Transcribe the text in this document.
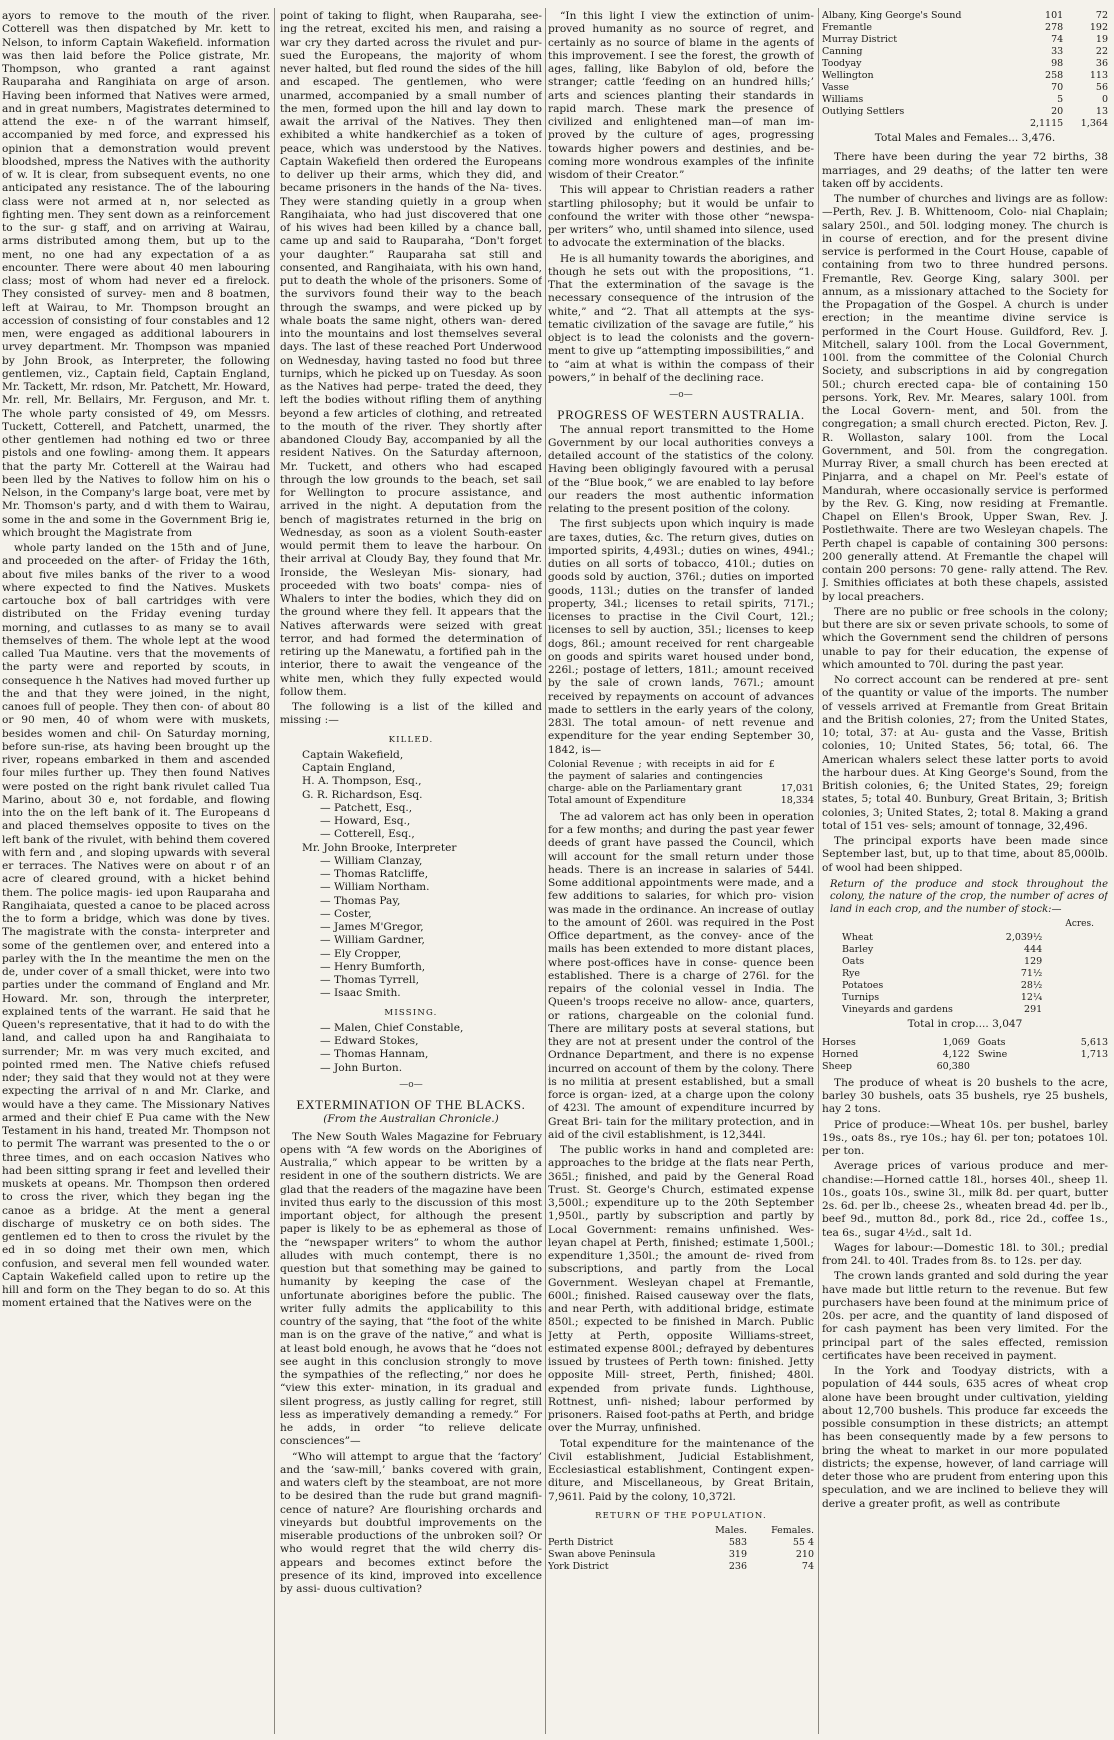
ayors to remove to the mouth of the river. Cotterell was then dispatched by Mr. kett to Nelson, to inform Captain Wakefield. information was then laid before the Police gistrate, Mr. Thompson, who granted a rant against Rauparaha and Rangihiata on arge of arson. Having been informed that Natives were armed, and in great numbers, Magistrates determined to attend the exe- n of the warrant himself, accompanied by med force, and expressed his opinion that a demonstration would prevent bloodshed, mpress the Natives with the authority of w. It is clear, from subsequent events, no one anticipated any resistance. The of the labouring class were not armed at n, nor selected as fighting men. They sent down as a reinforcement to the sur- g staff, and on arriving at Wairau, arms distributed among them, but up to the ment, no one had any expectation of a as encounter. There were about 40 men labouring class; most of whom had never ed a firelock. They consisted of survey- men and 8 boatmen, left at Wairau, to Mr. Thompson brought an accession of consisting of four constables and 12 men, were engaged as additional labourers in urvey department. Mr. Thompson was mpanied by John Brook, as Interpreter, the following gentlemen, viz., Captain field, Captain England, Mr. Tackett, Mr. rdson, Mr. Patchett, Mr. Howard, Mr. rell, Mr. Bellairs, Mr. Ferguson, and Mr. t. The whole party consisted of 49, om Messrs. Tuckett, Cotterell, and Patchett, unarmed, the other gentlemen had nothing ed two or three pistols and one fowling- among them. It appears that the party Mr. Cotterell at the Wairau had been lled by the Natives to follow him on his o Nelson, in the Company's large boat, vere met by Mr. Thomson's party, and d with them to Wairau, some in the and some in the Government Brig ie, which brought the Magistrate from

whole party landed on the 15th and of June, and proceeded on the after- of Friday the 16th, about five miles banks of the river to a wood where expected to find the Natives. Muskets cartouche box of ball cartridges with vere distributed on the Friday evening turday morning, and cutlasses to as many se to avail themselves of them. The whole lept at the wood called Tua Mautine. vers that the movements of the party were and reported by scouts, in consequence h the Natives had moved further up the and that they were joined, in the night, canoes full of people. They then con- of about 80 or 90 men, 40 of whom were with muskets, besides women and chil- On Saturday morning, before sun-rise, ats having been brought up the river, ropeans embarked in them and ascended four miles further up. They then found Natives were posted on the right bank rivulet called Tua Marino, about 30 e, not fordable, and flowing into the on the left bank of it. The Europeans d and placed themselves opposite to tives on the left bank of the rivulet, with behind them covered with fern and , and sloping upwards with several er terraces. The Natives were on about r of an acre of cleared ground, with a hicket behind them. The police magis- ied upon Rauparaha and Rangihaiata, quested a canoe to be placed across the to form a bridge, which was done by tives. The magistrate with the consta- interpreter and some of the gentlemen over, and entered into a parley with the In the meantime the men on the de, under cover of a small thicket, were into two parties under the command of England and Mr. Howard. Mr. son, through the interpreter, explained tents of the warrant. He said that he Queen's representative, that it had to do with the land, and called upon ha and Rangihaiata to surrender; Mr. m was very much excited, and pointed rmed men. The Native chiefs refused nder; they said that they would not at they were expecting the arrival of n and Mr. Clarke, and would have a they came. The Missionary Natives armed and their chief E Pua came with the New Testament in his hand, treated Mr. Thompson not to permit The warrant was presented to the o or three times, and on each occasion Natives who had been sitting sprang ir feet and levelled their muskets at opeans. Mr. Thompson then ordered to cross the river, which they began ing the canoe as a bridge. At the ment a general discharge of musketry ce on both sides. The gentlemen ed to then to cross the rivulet by the ed in so doing met their own men, which confusion, and several men fell wounded water. Captain Wakefield called upon to retire up the hill and form on the They began to do so. At this moment ertained that the Natives were on the

point of taking to flight, when Rauparaha, see- ing the retreat, excited his men, and raising a war cry they darted across the rivulet and pur- sued the Europeans, the majority of whom never halted, but fled round the sides of the hill and escaped. The gentlemen, who were unarmed, accompanied by a small number of the men, formed upon the hill and lay down to await the arrival of the Natives. They then exhibited a white handkerchief as a token of peace, which was understood by the Natives. Captain Wakefield then ordered the Europeans to deliver up their arms, which they did, and became prisoners in the hands of the Na- tives. They were standing quietly in a group when Rangihaiata, who had just discovered that one of his wives had been killed by a chance ball, came up and said to Rauparaha, “Don't forget your daughter.” Rauparaha sat still and consented, and Rangihaiata, with his own hand, put to death the whole of the prisoners. Some of the survivors found their way to the beach through the swamps, and were picked up by whale boats the same night, others wan- dered into the mountains and lost themselves several days. The last of these reached Port Underwood on Wednesday, having tasted no food but three turnips, which he picked up on Tuesday. As soon as the Natives had perpe- trated the deed, they left the bodies without rifling them of anything beyond a few articles of clothing, and retreated to the mouth of the river. They shortly after abandoned Cloudy Bay, accompanied by all the resident Natives. On the Saturday afternoon, Mr. Tuckett, and others who had escaped through the low grounds to the beach, set sail for Wellington to procure assistance, and arrived in the night. A deputation from the bench of magistrates returned in the brig on Wednesday, as soon as a violent South-easter would permit them to leave the harbour. On their arrival at Cloudy Bay, they found that Mr. Ironside, the Wesleyan Mis- sionary, had proceeded with two boats' compa- nies of Whalers to inter the bodies, which they did on the ground where they fell. It appears that the Natives afterwards were seized with great terror, and had formed the determination of retiring up the Manewatu, a fortified pah in the interior, there to await the vengeance of the white men, which they fully expected would follow them.

The following is a list of the killed and missing :—

KILLED.

Captain Wakefield,

Captain England,

H. A. Thompson, Esq.,

G. R. Richardson, Esq.

— Patchett, Esq.,

— Howard, Esq.,

— Cotterell, Esq.,

Mr. John Brooke, Interpreter

— William Clanzay,

— Thomas Ratcliffe,

— William Northam.

— Thomas Pay,

— Coster,

— James M'Gregor,

— William Gardner,

— Ely Cropper,

— Henry Bumforth,

— Thomas Tyrrell,

— Isaac Smith.

MISSING.

— Malen, Chief Constable,

— Edward Stokes,

— Thomas Hannam,

— John Burton.

—o—
EXTERMINATION OF THE BLACKS.
(From the Australian Chronicle.)

The New South Wales Magazine for February opens with “A few words on the Aborigines of Australia,” which appear to be written by a resident in one of the southern districts. We are glad that the readers of the magazine have been invited thus early to the discussion of this most important object, for although the present paper is likely to be as ephemeral as those of the “newspaper writers” to whom the author alludes with much contempt, there is no question but that something may be gained to humanity by keeping the case of the unfortunate aborigines before the public. The writer fully admits the applicability to this country of the saying, that “the foot of the white man is on the grave of the native,” and what is at least bold enough, he avows that he “does not see aught in this conclusion strongly to move the sympathies of the reflecting,” nor does he “view this exter- mination, in its gradual and silent progress, as justly calling for regret, still less as imperatively demanding a remedy.” For he adds, in order “to relieve delicate consciences”—

“Who will attempt to argue that the ‘factory’ and the ‘saw-mill,’ banks covered with grain, and waters cleft by the steamboat, are not more to be desired than the rude but grand magnifi- cence of nature? Are flourishing orchards and vineyards but doubtful improvements on the miserable productions of the unbroken soil? Or who would regret that the wild cherry dis- appears and becomes extinct before the presence of its kind, improved into excellence by assi- duous cultivation?

“In this light I view the extinction of unim- proved humanity as no source of regret, and certainly as no source of blame in the agents of this improvement. I see the forest, the growth of ages, falling, like Babylon of old, before the stranger; cattle ‘feeding on an hundred hills;’ arts and sciences planting their standards in rapid march. These mark the presence of civilized and enlightened man—of man im- proved by the culture of ages, progressing towards higher powers and destinies, and be- coming more wondrous examples of the infinite wisdom of their Creator.”

This will appear to Christian readers a rather startling philosophy; but it would be unfair to confound the writer with those other “newspa- per writers” who, until shamed into silence, used to advocate the extermination of the blacks.

He is all humanity towards the aborigines, and though he sets out with the propositions, “1. That the extermination of the savage is the necessary consequence of the intrusion of the white,” and “2. That all attempts at the sys- tematic civilization of the savage are futile,” his object is to lead the colonists and the govern- ment to give up “attempting impossibilities,” and to “aim at what is within the compass of their powers,” in behalf of the declining race.

—o—
PROGRESS OF WESTERN AUSTRALIA.

The annual report transmitted to the Home Government by our local authorities conveys a detailed account of the statistics of the colony. Having been obligingly favoured with a perusal of the “Blue book,” we are enabled to lay before our readers the most authentic information relating to the present position of the colony.

The first subjects upon which inquiry is made are taxes, duties, &c. The return gives, duties on imported spirits, 4,493l.; duties on wines, 494l.; duties on all sorts of tobacco, 410l.; duties on goods sold by auction, 376l.; duties on imported goods, 113l.; duties on the transfer of landed property, 34l.; licenses to retail spirits, 717l.; licenses to practise in the Civil Court, 12l.; licenses to sell by auction, 35l.; licenses to keep dogs, 86l.; amount received for rent chargeable on goods and spirits waret housed under bond, 226l.; postage of letters, 181l.; amount received by the sale of crown lands, 767l.; amount received by repayments on account of advances made to settlers in the early years of the colony, 283l. The total amoun- of nett revenue and expenditure for the year ending September 30, 1842, is—

Colonial Revenue ; with receipts in aid for the payment of salaries and contingencies charge- able on the Parliamentary grant	£	17,031
Total amount of Expenditure		18,334

The ad valorem act has only been in operation for a few months; and during the past year fewer deeds of grant have passed the Council, which will account for the small return under those heads. There is an increase in salaries of 544l. Some additional appointments were made, and a few additions to salaries, for which pro- vision was made in the ordinance. An increase of outlay to the amount of 260l. was required in the Post Office department, as the convey- ance of the mails has been extended to more distant places, where post-offices have in conse- quence been established. There is a charge of 276l. for the repairs of the colonial vessel in India. The Queen's troops receive no allow- ance, quarters, or rations, chargeable on the colonial fund. There are military posts at several stations, but they are not at present under the control of the Ordnance Department, and there is no expense incurred on account of them by the colony. There is no militia at present established, but a small force is organ- ized, at a charge upon the colony of 423l. The amount of expenditure incurred by Great Bri- tain for the military protection, and in aid of the civil establishment, is 12,344l.

The public works in hand and completed are: approaches to the bridge at the flats near Perth, 365l.; finished, and paid by the General Road Trust. St. George's Church, estimated expense 3,500l.; expenditure up to the 20th September 1,950l., partly by subscription and partly by Local Government: remains unfinished. Wes- leyan chapel at Perth, finished; estimate 1,500l.; expenditure 1,350l.; the amount de- rived from subscriptions, and partly from the Local Government. Wesleyan chapel at Fremantle, 600l.; finished. Raised causeway over the flats, and near Perth, with additional bridge, estimate 850l.; expected to be finished in March. Public Jetty at Perth, opposite Williams-street, estimated expense 800l.; defrayed by debentures issued by trustees of Perth town: finished. Jetty opposite Mill- street, Perth, finished; 480l. expended from private funds. Lighthouse, Rottnest, unfi- nished; labour performed by prisoners. Raised foot-paths at Perth, and bridge over the Murray, unfinished.

Total expenditure for the maintenance of the Civil establishment, Judicial Establishment, Ecclesiastical establishment, Contingent expen- diture, and Miscellaneous, by Great Britain, 7,961l. Paid by the colony, 10,372l.

RETURN OF THE POPULATION.
	Males.	Females.
Perth District	583	55 4
Swan above Peninsula	319	210
York District	236	74
Albany, King George's Sound	101	72
Fremantle	278	192
Murray District	74	19
Canning	33	22
Toodyay	98	36
Wellington	258	113
Vasse	70	56
Williams	5	0
Outlying Settlers	20	13
	2,1115	1,364
Total Males and Females... 3,476.

There have been during the year 72 births, 38 marriages, and 29 deaths; of the latter ten were taken off by accidents.

The number of churches and livings are as follow:—Perth, Rev. J. B. Whittenoom, Colo- nial Chaplain; salary 250l., and 50l. lodging money. The church is in course of erection, and for the present divine service is performed in the Court House, capable of containing from two to three hundred persons. Fremantle, Rev. George King, salary 300l. per annum, as a missionary attached to the Society for the Propagation of the Gospel. A church is under erection; in the meantime divine service is performed in the Court House. Guildford, Rev. J. Mitchell, salary 100l. from the Local Government, 100l. from the committee of the Colonial Church Society, and subscriptions in aid by congregation 50l.; church erected capa- ble of containing 150 persons. York, Rev. Mr. Meares, salary 100l. from the Local Govern- ment, and 50l. from the congregation; a small church erected. Picton, Rev. J. R. Wollaston, salary 100l. from the Local Government, and 50l. from the congregation. Murray River, a small church has been erected at Pinjarra, and a chapel on Mr. Peel's estate of Mandurah, where occasionally service is performed by the Rev. G. King, now residing at Fremantle. Chapel on Ellen's Brook, Upper Swan, Rev. J. Postlethwaite. There are two Wesleyan chapels. The Perth chapel is capable of containing 300 persons: 200 generally attend. At Fremantle the chapel will contain 200 persons: 70 gene- rally attend. The Rev. J. Smithies officiates at both these chapels, assisted by local preachers.

There are no public or free schools in the colony; but there are six or seven private schools, to some of which the Government send the children of persons unable to pay for their education, the expense of which amounted to 70l. during the past year.

No correct account can be rendered at pre- sent of the quantity or value of the imports. The number of vessels arrived at Fremantle from Great Britain and the British colonies, 27; from the United States, 10; total, 37: at Au- gusta and the Vasse, British colonies, 10; United States, 56; total, 66. The American whalers select these latter ports to avoid the harbour dues. At King George's Sound, from the British colonies, 6; the United States, 29; foreign states, 5; total 40. Bunbury, Great Britain, 3; British colonies, 3; United States, 2; total 8. Making a grand total of 151 ves- sels; amount of tonnage, 32,496.

The principal exports have been made since September last, but, up to that time, about 85,000lb. of wool had been shipped.

Return of the produce and stock throughout the colony, the nature of the crop, the number of acres of land in each crop, and the number of stock:—

Acres.
Wheat	2,039½
Barley	444
Oats	129
Rye	71½
Potatoes	28½
Turnips	12¼
Vineyards and gardens	291
Total in crop.... 3,047
Horses	1,069	Goats	5,613
Horned	4,122	Swine	1,713
Sheep	60,380		

The produce of wheat is 20 bushels to the acre, barley 30 bushels, oats 35 bushels, rye 25 bushels, hay 2 tons.

Price of produce:—Wheat 10s. per bushel, barley 19s., oats 8s., rye 10s.; hay 6l. per ton; potatoes 10l. per ton.

Average prices of various produce and mer- chandise:—Horned cattle 18l., horses 40l., sheep 1l. 10s., goats 10s., swine 3l., milk 8d. per quart, butter 2s. 6d. per lb., cheese 2s., wheaten bread 4d. per lb., beef 9d., mutton 8d., pork 8d., rice 2d., coffee 1s., tea 6s., sugar 4½d., salt 1d.

Wages for labour:—Domestic 18l. to 30l.; predial from 24l. to 40l. Trades from 8s. to 12s. per day.

The crown lands granted and sold during the year have made but little return to the revenue. But few purchasers have been found at the minimum price of 20s. per acre, and the quantity of land disposed of for cash payment has been very limited. For the principal part of the sales effected, remission certificates have been received in payment.

In the York and Toodyay districts, with a population of 444 souls, 635 acres of wheat crop alone have been brought under cultivation, yielding about 12,700 bushels. This produce far exceeds the possible consumption in these districts; an attempt has been consequently made by a few persons to bring the wheat to market in our more populated districts; the expense, however, of land carriage will deter those who are prudent from entering upon this speculation, and we are inclined to believe they will derive a greater profit, as well as contribute
